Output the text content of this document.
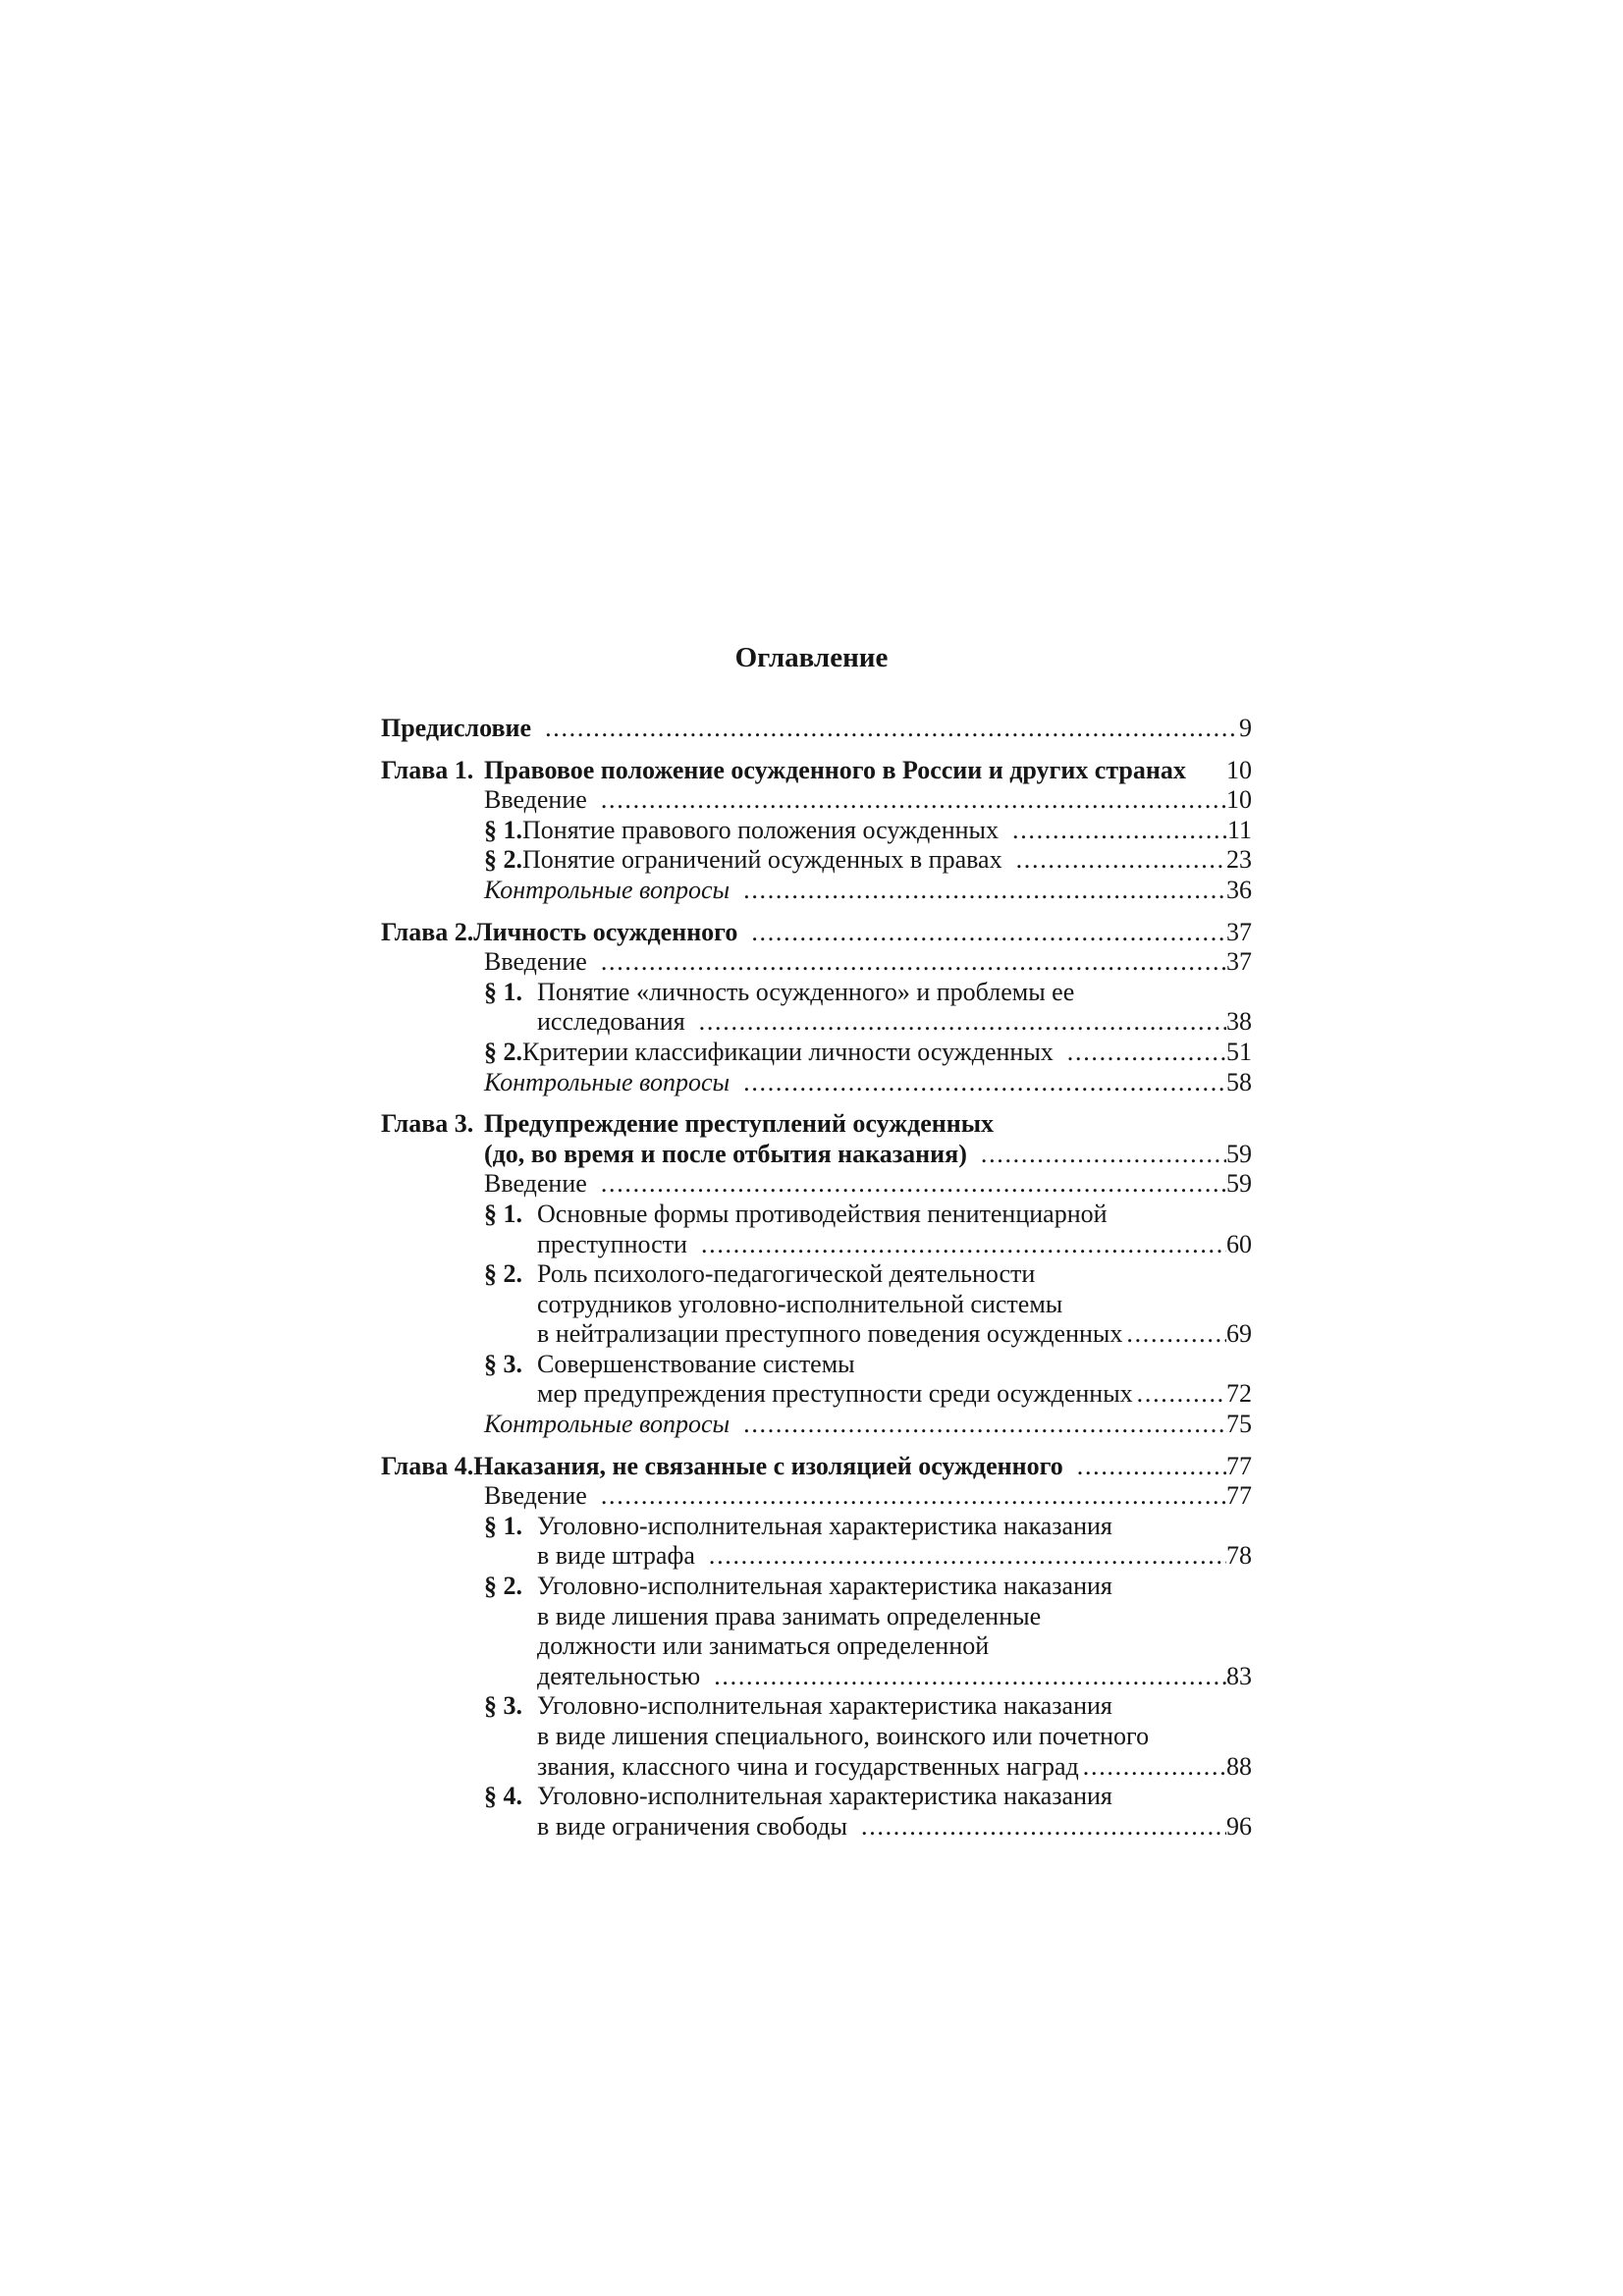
Оглавление
Предисловие . . .	9
Глава 1. Правовое положение осужденного в России и других странах	10
Введение . . .	10
§ 1. Понятие правового положения осужденных . . .	11
§ 2. Понятие ограничений осужденных в правах . . .	23
Контрольные вопросы . . .	36
Глава 2. Личность осужденного . . .	37
Введение . . .	37
§ 1. Понятие «личность осужденного» и проблемы ее
исследования . . .	38
§ 2. Критерии классификации личности осужденных . . .	51
Контрольные вопросы . . .	58
Глава 3. Предупреждение преступлений осужденных
(до, во время и после отбытия наказания) . . .	59
Введение . . .	59
§ 1. Основные формы противодействия пенитенциарной
преступности . . .	60
§ 2. Роль психолого-педагогической деятельности
сотрудников уголовно-исполнительной системы
в нейтрализации преступного поведения осужденных . . .	69
§ 3. Совершенствование системы
мер предупреждения преступности среди осужденных . . .	72
Контрольные вопросы . . .	75
Глава 4. Наказания, не связанные с изоляцией осужденного . . .	77
Введение . . .	77
§ 1. Уголовно-исполнительная характеристика наказания
в виде штрафа . . .	78
§ 2. Уголовно-исполнительная характеристика наказания
в виде лишения права занимать определенные
должности или заниматься определенной
деятельностью . . .	83
§ 3. Уголовно-исполнительная характеристика наказания
в виде лишения специального, воинского или почетного
звания, классного чина и государственных наград . . .	88
§ 4. Уголовно-исполнительная характеристика наказания
в виде ограничения свободы . . .	96
